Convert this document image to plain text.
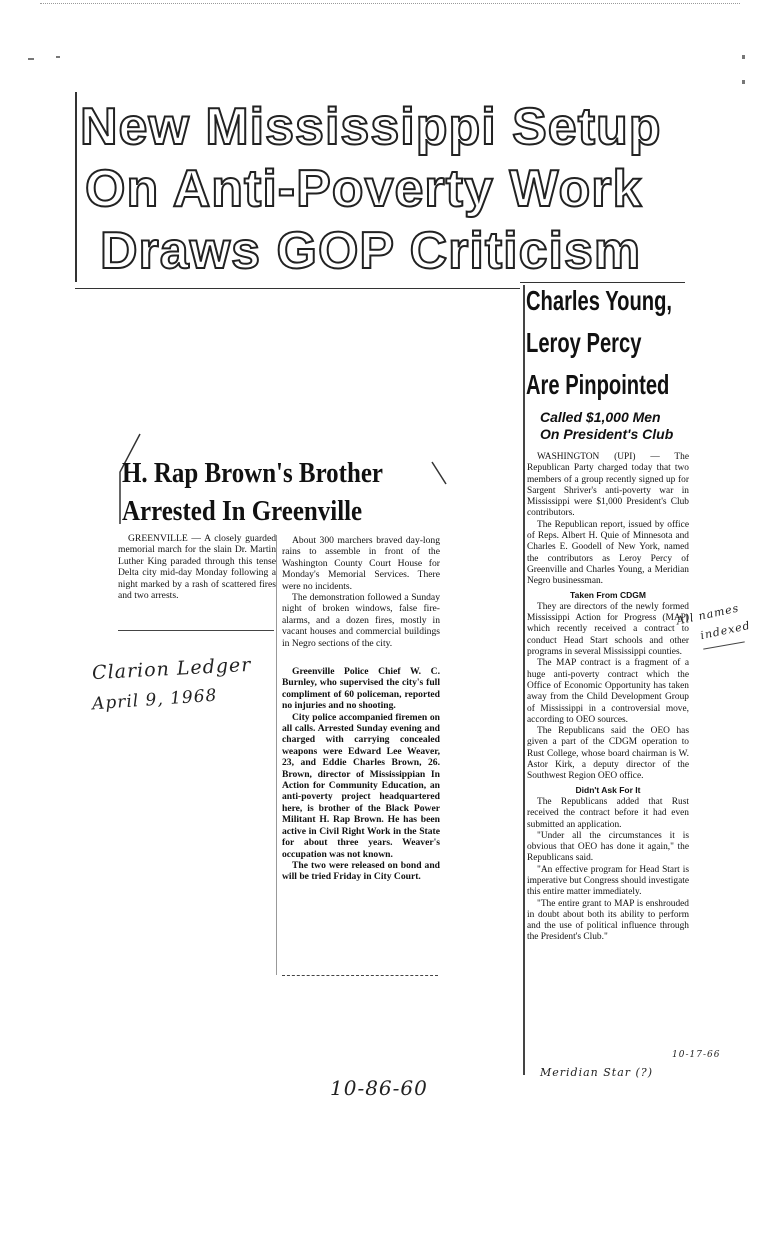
New Mississippi Setup
On Anti-Poverty Work
Draws GOP Criticism
Charles Young,
Leroy Percy
Are Pinpointed
Called $1,000 Men
On President's Club

WASHINGTON (UPI) — The Republican Party charged today that two members of a group recently signed up for Sargent Shriver's anti-poverty war in Mississippi were $1,000 President's Club contributors.

The Republican report, issued by office of Reps. Albert H. Quie of Minnesota and Charles E. Goodell of New York, named the contributors as Leroy Percy of Greenville and Charles Young, a Meridian Negro businessman.

Taken From CDGM

They are directors of the newly formed Mississippi Action for Progress (MAP) which recently received a contract to conduct Head Start schools and other programs in several Mississippi counties.

The MAP contract is a fragment of a huge anti-poverty contract which the Office of Economic Opportunity has taken away from the Child Development Group of Mississippi in a controversial move, according to OEO sources.

The Republicans said the OEO has given a part of the CDGM operation to Rust College, whose board chairman is W. Astor Kirk, a deputy director of the Southwest Region OEO office.

Didn't Ask For It

The Republicans added that Rust received the contract before it had even submitted an application.

"Under all the circumstances it is obvious that OEO has done it again," the Republicans said.

"An effective program for Head Start is imperative but Congress should investigate this entire matter immediately.

"The entire grant to MAP is enshrouded in doubt about both its ability to perform and the use of political influence through the President's Club."

H. Rap Brown's Brother
Arrested In Greenville

GREENVILLE — A closely guarded memorial march for the slain Dr. Martin Luther King paraded through this tense Delta city mid-day Monday following a night marked by a rash of scattered fires and two arrests.

About 300 marchers braved day-long rains to assemble in front of the Washington County Court House for Monday's Memorial Services. There were no incidents.

The demonstration followed a Sunday night of broken windows, false fire-alarms, and a dozen fires, mostly in vacant houses and commercial buildings in Negro sections of the city.

Greenville Police Chief W. C. Burnley, who supervised the city's full compliment of 60 policeman, reported no injuries and no shooting.

City police accompanied firemen on all calls. Arrested Sunday evening and charged with carrying concealed weapons were Edward Lee Weaver, 23, and Eddie Charles Brown, 26. Brown, director of Mississippian In Action for Community Education, an anti-poverty project headquartered here, is brother of the Black Power Militant H. Rap Brown. He has been active in Civil Right Work in the State for about three years. Weaver's occupation was not known.

The two were released on bond and will be tried Friday in City Court.

Clarion Ledger
April 9, 1968
All names
indexed
10-86-60
Meridian Star (?)
10-17-66
